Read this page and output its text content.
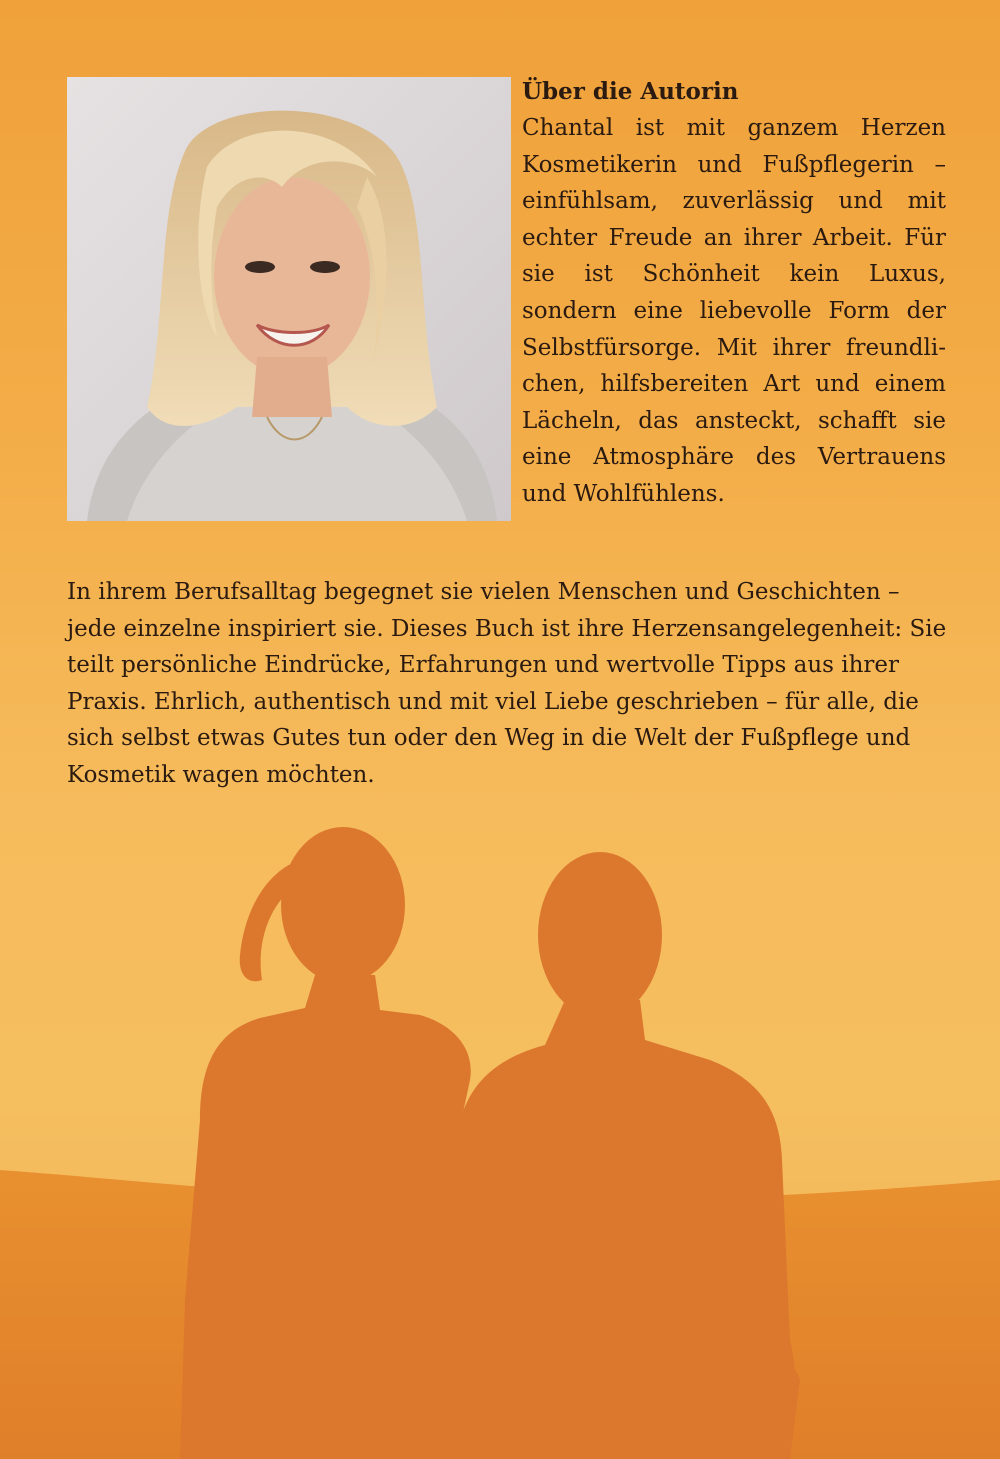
Über die Autorin

Chantal ist mit ganzem Herzen Kosmetikerin und Fußpflegerin – einfühlsam, zuverlässig und mit echter Freude an ihrer Arbeit. Für sie ist Schönheit kein Luxus, sondern eine liebevolle Form der Selbstfürsorge. Mit ihrer freundlichen, hilfsbereiten Art und einem Lächeln, das ansteckt, schafft sie eine Atmosphäre des Vertrauens und Wohlfühlens.

In ihrem Berufsalltag begegnet sie vielen Menschen und Geschichten – jede einzelne inspiriert sie. Dieses Buch ist ihre Herzensangelegenheit: Sie teilt persönliche Eindrücke, Erfahrungen und wertvolle Tipps aus ihrer Praxis. Ehrlich, authentisch und mit viel Liebe geschrieben – für alle, die sich selbst etwas Gutes tun oder den Weg in die Welt der Fußpflege und Kosmetik wagen möchten.
